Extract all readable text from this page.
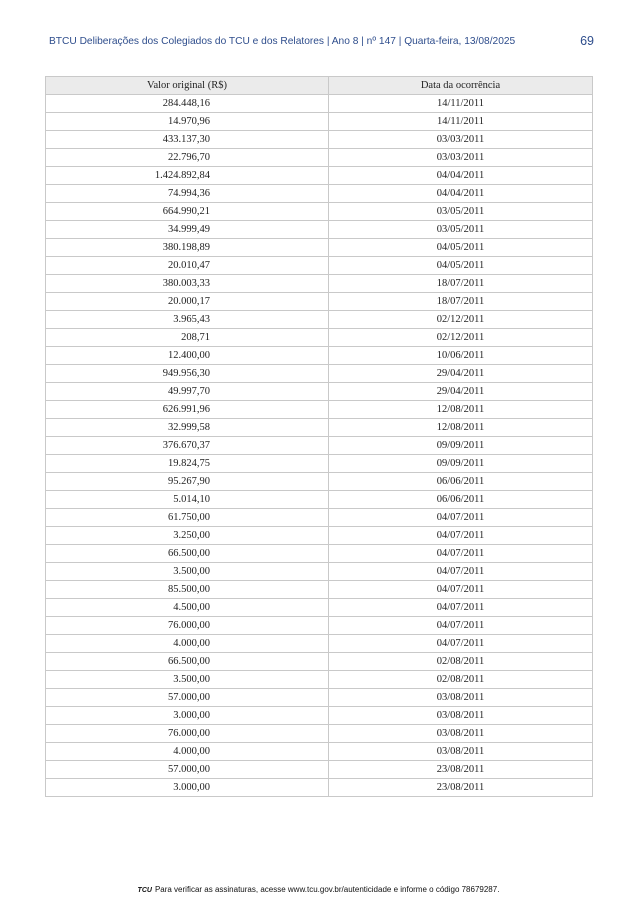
BTCU Deliberações dos Colegiados do TCU e dos Relatores | Ano 8 | nº 147 | Quarta-feira, 13/08/2025	69
Valor original (R$)	Data da ocorrência
284.448,16	14/11/2011
14.970,96	14/11/2011
433.137,30	03/03/2011
22.796,70	03/03/2011
1.424.892,84	04/04/2011
74.994,36	04/04/2011
664.990,21	03/05/2011
34.999,49	03/05/2011
380.198,89	04/05/2011
20.010,47	04/05/2011
380.003,33	18/07/2011
20.000,17	18/07/2011
3.965,43	02/12/2011
208,71	02/12/2011
12.400,00	10/06/2011
949.956,30	29/04/2011
49.997,70	29/04/2011
626.991,96	12/08/2011
32.999,58	12/08/2011
376.670,37	09/09/2011
19.824,75	09/09/2011
95.267,90	06/06/2011
5.014,10	06/06/2011
61.750,00	04/07/2011
3.250,00	04/07/2011
66.500,00	04/07/2011
3.500,00	04/07/2011
85.500,00	04/07/2011
4.500,00	04/07/2011
76.000,00	04/07/2011
4.000,00	04/07/2011
66.500,00	02/08/2011
3.500,00	02/08/2011
57.000,00	03/08/2011
3.000,00	03/08/2011
76.000,00	03/08/2011
4.000,00	03/08/2011
57.000,00	23/08/2011
3.000,00	23/08/2011
TCU Para verificar as assinaturas, acesse www.tcu.gov.br/autenticidade e informe o código 78679287.
